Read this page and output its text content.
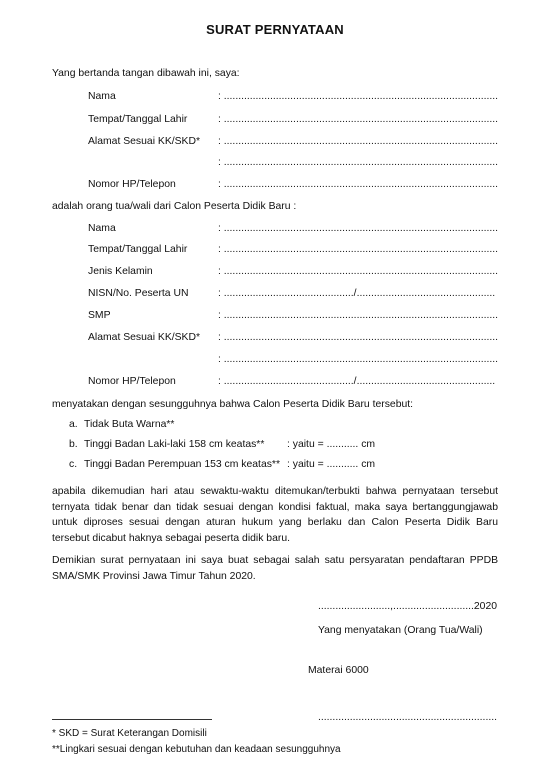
SURAT PERNYATAAN
Yang bertanda tangan dibawah ini, saya:
Nama	: ...............................................................................................
Tempat/Tanggal Lahir	: ...............................................................................................
Alamat Sesuai KK/SKD* : ...............................................................................................
: ...............................................................................................
Nomor HP/Telepon	: ...............................................................................................
adalah orang tua/wali dari Calon Peserta Didik Baru :
Nama	: ...............................................................................................
Tempat/Tanggal Lahir	: ...............................................................................................
Jenis Kelamin	: ...............................................................................................
NISN/No. Peserta UN	: ............................................./................................................
SMP	: ...............................................................................................
Alamat Sesuai KK/SKD* : ...............................................................................................
: ...............................................................................................
Nomor HP/Telepon	: ............................................./................................................
menyatakan dengan sesungguhnya bahwa Calon Peserta Didik Baru tersebut:
a. Tidak Buta Warna**
b. Tinggi Badan Laki-laki 158 cm keatas** : yaitu = ........... cm
c. Tinggi Badan Perempuan 153 cm keatas** : yaitu = ........... cm

apabila dikemudian hari atau sewaktu-waktu ditemukan/terbukti bahwa pernyataan tersebut ternyata tidak benar dan tidak sesuai dengan kondisi faktual, maka saya bertanggungjawab untuk diproses sesuai dengan aturan hukum yang berlaku dan Calon Peserta Didik Baru tersebut dicabut haknya sebagai peserta didik baru.

Demikian surat pernyataan ini saya buat sebagai salah satu persyaratan pendaftaran PPDB SMA/SMK Provinsi Jawa Timur Tahun 2020.

.........................,............................2020
Yang menyatakan (Orang Tua/Wali)
Materai 6000
..............................................................
* SKD = Surat Keterangan Domisili
**Lingkari sesuai dengan kebutuhan dan keadaan sesungguhnya
